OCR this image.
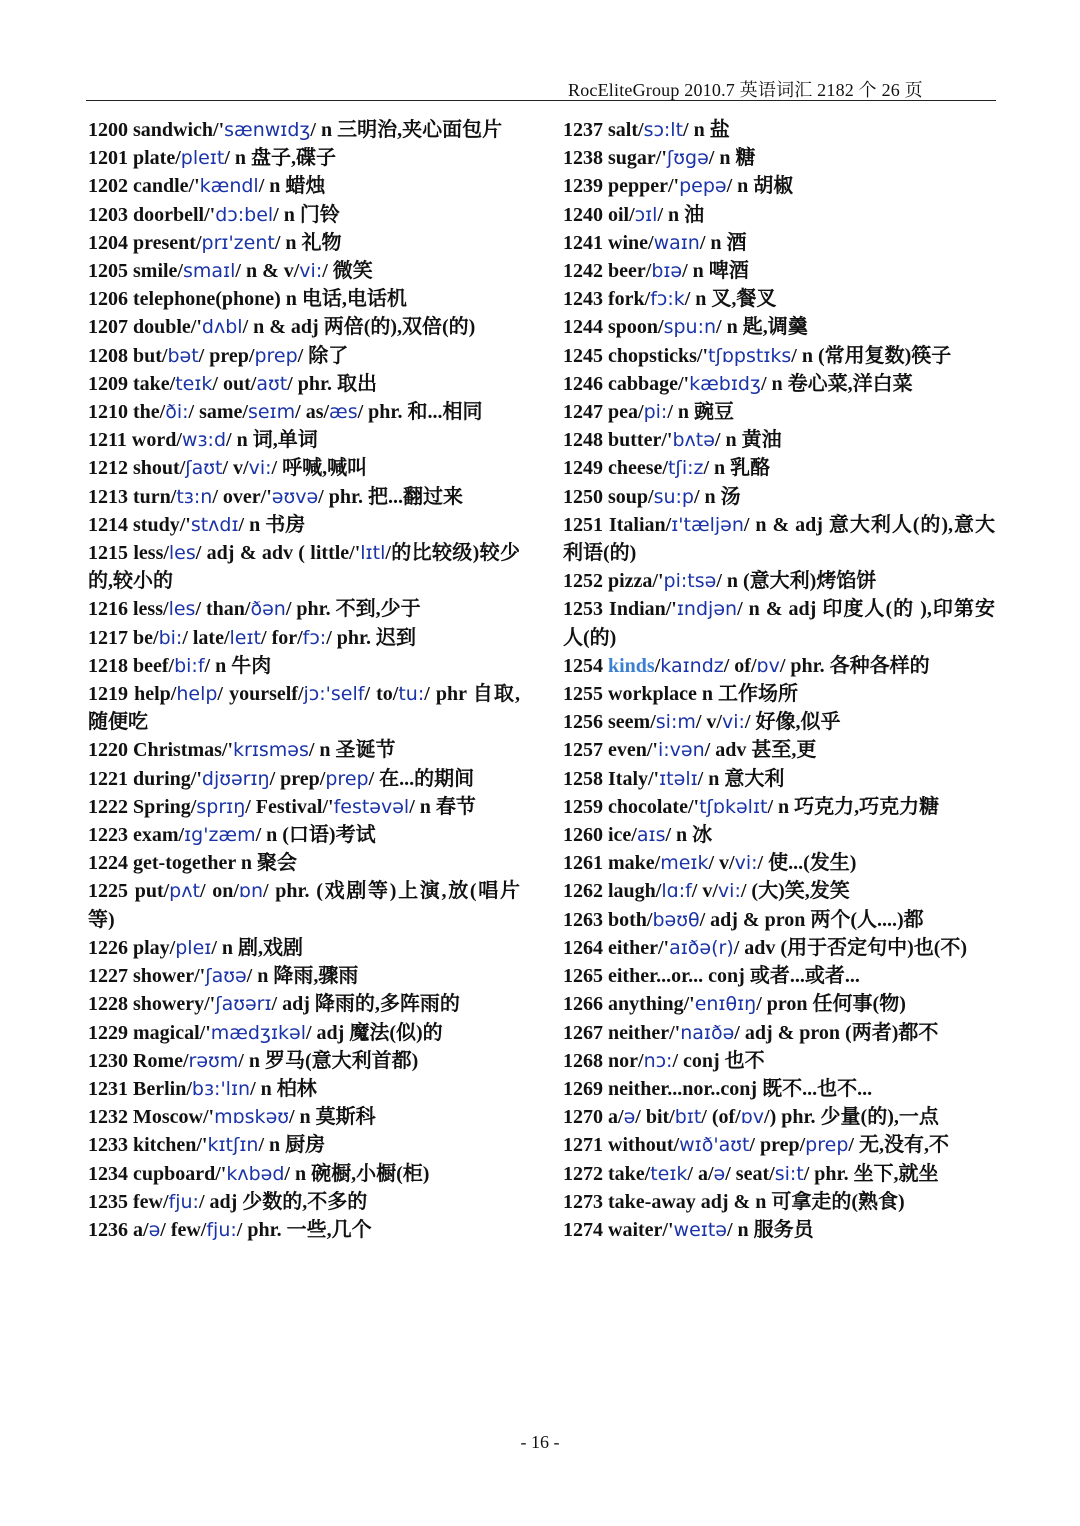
RocEliteGroup 2010.7 英语词汇 2182 个 26 页

1200 sandwich/'sænwɪdʒ/ n 三明治,夹心面包片

1201 plate/pleɪt/ n 盘子,碟子

1202 candle/'kændl/ n 蜡烛

1203 doorbell/'dɔ:bel/ n 门铃

1204 present/prɪ'zent/ n 礼物

1205 smile/smaɪl/ n & v/vi:/ 微笑

1206 telephone(phone) n 电话,电话机

1207 double/'dʌbl/ n & adj 两倍(的),双倍(的)

1208 but/bət/ prep/prep/ 除了

1209 take/teɪk/ out/aʊt/ phr. 取出

1210 the/ði:/ same/seɪm/ as/æs/ phr. 和...相同

1211 word/wɜ:d/ n 词,单词

1212 shout/ʃaʊt/ v/vi:/ 呼喊,喊叫

1213 turn/tɜ:n/ over/'əʊvə/ phr. 把...翻过来

1214 study/'stʌdɪ/ n 书房

1215 less/les/ adj & adv ( little/'lɪtl/的比较级)较少的,较小的

1216 less/les/ than/ðən/ phr. 不到,少于

1217 be/bi:/ late/leɪt/ for/fɔ:/ phr. 迟到

1218 beef/bi:f/ n 牛肉

1219 help/help/ yourself/jɔ:'self/ to/tu:/ phr 自取,随便吃

1220 Christmas/'krɪsməs/ n 圣诞节

1221 during/'djʊərɪŋ/ prep/prep/ 在...的期间

1222 Spring/sprɪŋ/ Festival/'festəvəl/ n 春节

1223 exam/ɪg'zæm/ n (口语)考试

1224 get-together n 聚会

1225 put/pʌt/ on/ɒn/ phr. (戏剧等)上演,放(唱片等)

1226 play/pleɪ/ n 剧,戏剧

1227 shower/'ʃaʊə/ n 降雨,骤雨

1228 showery/'ʃaʊərɪ/ adj 降雨的,多阵雨的

1229 magical/'mædʒɪkəl/ adj 魔法(似)的

1230 Rome/rəʊm/ n 罗马(意大利首都)

1231 Berlin/bɜ:'lɪn/ n 柏林

1232 Moscow/'mɒskəʊ/ n 莫斯科

1233 kitchen/'kɪtʃɪn/ n 厨房

1234 cupboard/'kʌbəd/ n 碗橱,小橱(柜)

1235 few/fju:/ adj 少数的,不多的

1236 a/ə/ few/fju:/ phr. 一些,几个

1237 salt/sɔ:lt/ n 盐

1238 sugar/'ʃʊgə/ n 糖

1239 pepper/'pepə/ n 胡椒

1240 oil/ɔɪl/ n 油

1241 wine/waɪn/ n 酒

1242 beer/bɪə/ n 啤酒

1243 fork/fɔ:k/ n 叉,餐叉

1244 spoon/spu:n/ n 匙,调羹

1245 chopsticks/'tʃɒpstɪks/ n (常用复数)筷子

1246 cabbage/'kæbɪdʒ/ n 卷心菜,洋白菜

1247 pea/pi:/ n 豌豆

1248 butter/'bʌtə/ n 黄油

1249 cheese/tʃi:z/ n 乳酪

1250 soup/su:p/ n 汤

1251 Italian/ɪ'tæljən/ n & adj 意大利人(的),意大利语(的)

1252 pizza/'pi:tsə/ n (意大利)烤馅饼

1253 Indian/'ɪndjən/ n & adj 印度人(的 ),印第安人(的)

1254 kinds/kaɪndz/ of/ɒv/ phr. 各种各样的

1255 workplace n 工作场所

1256 seem/si:m/ v/vi:/ 好像,似乎

1257 even/'i:vən/ adv 甚至,更

1258 Italy/'ɪtəlɪ/ n 意大利

1259 chocolate/'tʃɒkəlɪt/ n 巧克力,巧克力糖

1260 ice/aɪs/ n 冰

1261 make/meɪk/ v/vi:/ 使...(发生)

1262 laugh/lɑ:f/ v/vi:/ (大)笑,发笑

1263 both/bəʊθ/ adj & pron 两个(人....)都

1264 either/'aɪðə(r)/ adv (用于否定句中)也(不)

1265 either...or... conj 或者...或者...

1266 anything/'enɪθɪŋ/ pron 任何事(物)

1267 neither/'naɪðə/ adj & pron (两者)都不

1268 nor/nɔ:/ conj 也不

1269 neither...nor..conj 既不...也不...

1270 a/ə/ bit/bɪt/ (of/ɒv/) phr. 少量(的),一点

1271 without/wɪð'aʊt/ prep/prep/ 无,没有,不

1272 take/teɪk/ a/ə/ seat/si:t/ phr. 坐下,就坐

1273 take-away adj & n 可拿走的(熟食)

1274 waiter/'weɪtə/ n 服务员

- 16 -
